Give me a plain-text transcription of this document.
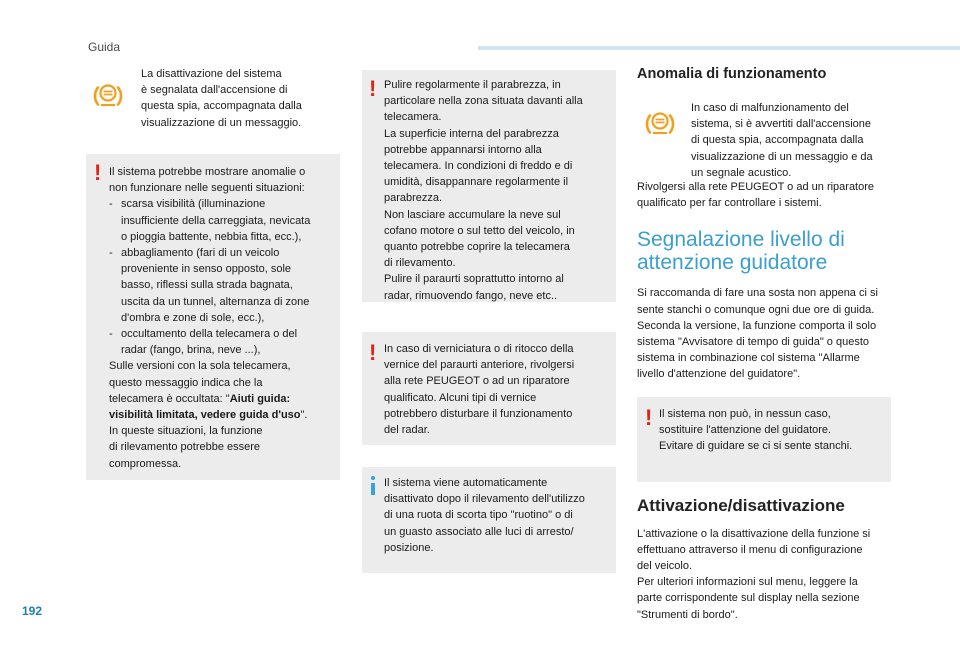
Guida

La disattivazione del sistema

è segnalata dall'accensione di

questa spia, accompagnata dalla

visualizzazione di un messaggio.

! Il sistema potrebbe mostrare anomalie o

non funzionare nelle seguenti situazioni:

- scarsa visibilità (illuminazione
insufficiente della carreggiata, nevicata
o pioggia battente, nebbia fitta, ecc.),
- abbagliamento (fari di un veicolo
proveniente in senso opposto, sole
basso, riflessi sulla strada bagnata,
uscita da un tunnel, alternanza di zone
d'ombra e zone di sole, ecc.),
- occultamento della telecamera o del
radar (fango, brina, neve ...),

Sulle versioni con la sola telecamera,

questo messaggio indica che la

telecamera è occultata: "Aiuti guida:

visibilità limitata, vedere guida d'uso".

In queste situazioni, la funzione

di rilevamento potrebbe essere

compromessa.

! Pulire regolarmente il parabrezza, in

particolare nella zona situata davanti alla

telecamera.

La superficie interna del parabrezza

potrebbe appannarsi intorno alla

telecamera. In condizioni di freddo e di

umidità, disappannare regolarmente il

parabrezza.

Non lasciare accumulare la neve sul

cofano motore o sul tetto del veicolo, in

quanto potrebbe coprire la telecamera

di rilevamento.

Pulire il paraurti soprattutto intorno al

radar, rimuovendo fango, neve etc..

! In caso di verniciatura o di ritocco della

vernice del paraurti anteriore, rivolgersi

alla rete PEUGEOT o ad un riparatore

qualificato. Alcuni tipi di vernice

potrebbero disturbare il funzionamento

del radar.

Il sistema viene automaticamente

disattivato dopo il rilevamento dell'utilizzo

di una ruota di scorta tipo "ruotino" o di

un guasto associato alle luci di arresto/

posizione.

Anomalia di funzionamento

In caso di malfunzionamento del

sistema, si è avvertiti dall'accensione

di questa spia, accompagnata dalla

visualizzazione di un messaggio e da

un segnale acustico.

Rivolgersi alla rete PEUGEOT o ad un riparatore

qualificato per far controllare i sistemi.

Segnalazione livello di
attenzione guidatore

Si raccomanda di fare una sosta non appena ci si

sente stanchi o comunque ogni due ore di guida.

Seconda la versione, la funzione comporta il solo

sistema "Avvisatore di tempo di guida" o questo

sistema in combinazione col sistema "Allarme

livello d'attenzione del guidatore".

! Il sistema non può, in nessun caso,

sostituire l'attenzione del guidatore.

Evitare di guidare se ci si sente stanchi.

Attivazione/disattivazione

L'attivazione o la disattivazione della funzione si

effettuano attraverso il menu di configurazione

del veicolo.

Per ulteriori informazioni sul menu, leggere la

parte corrispondente sul display nella sezione

"Strumenti di bordo".

192
